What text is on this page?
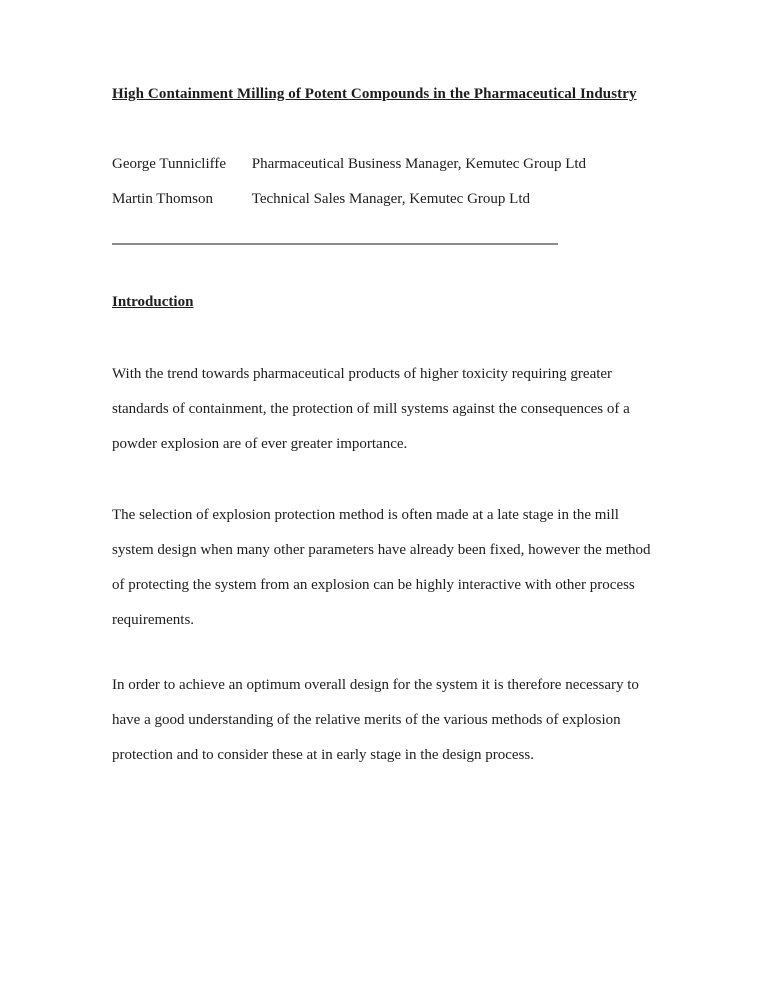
High Containment Milling of Potent Compounds in the Pharmaceutical Industry
George Tunnicliffe Pharmaceutical Business Manager, Kemutec Group Ltd
Martin Thomson	Technical Sales Manager, Kemutec Group Ltd
Introduction
With the trend towards pharmaceutical products of higher toxicity requiring greater
standards of containment, the protection of mill systems against the consequences of a
powder explosion are of ever greater importance.
The selection of explosion protection method is often made at a late stage in the mill
system design when many other parameters have already been fixed, however the method
of protecting the system from an explosion can be highly interactive with other process
requirements.
In order to achieve an optimum overall design for the system it is therefore necessary to
have a good understanding of the relative merits of the various methods of explosion
protection and to consider these at in early stage in the design process.
